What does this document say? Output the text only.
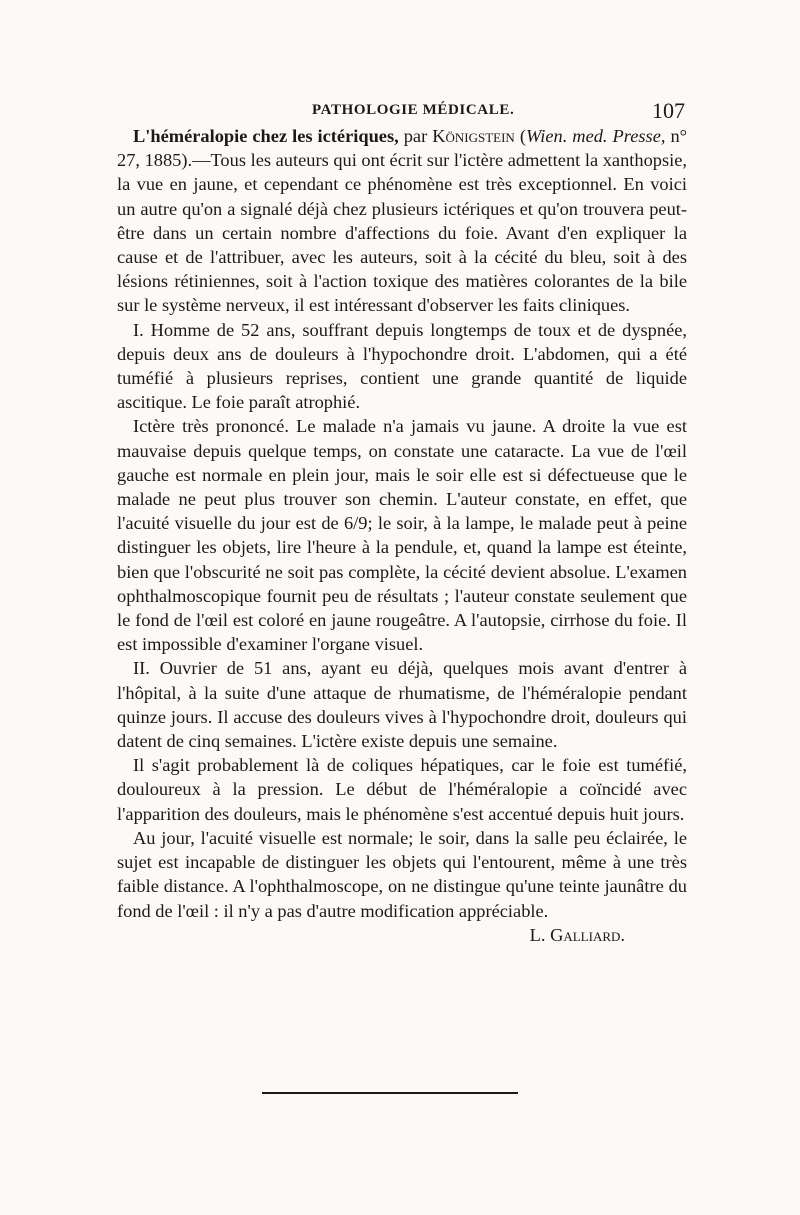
PATHOLOGIE MÉDICALE.	107

L'héméralopie chez les ictériques, par Königstein (Wien. med. Presse, n° 27, 1885).—Tous les auteurs qui ont écrit sur l'ictère admettent la xanthopsie, la vue en jaune, et cependant ce phénomène est très exceptionnel. En voici un autre qu'on a signalé déjà chez plusieurs ictériques et qu'on trouvera peut-être dans un certain nombre d'affections du foie. Avant d'en expliquer la cause et de l'attribuer, avec les auteurs, soit à la cécité du bleu, soit à des lésions rétiniennes, soit à l'action toxique des matières colorantes de la bile sur le système nerveux, il est intéressant d'observer les faits cliniques.

I. Homme de 52 ans, souffrant depuis longtemps de toux et de dyspnée, depuis deux ans de douleurs à l'hypochondre droit. L'abdomen, qui a été tuméfié à plusieurs reprises, contient une grande quantité de liquide ascitique. Le foie paraît atrophié.

Ictère très prononcé. Le malade n'a jamais vu jaune. A droite la vue est mauvaise depuis quelque temps, on constate une cataracte. La vue de l'œil gauche est normale en plein jour, mais le soir elle est si défectueuse que le malade ne peut plus trouver son chemin. L'auteur constate, en effet, que l'acuité visuelle du jour est de 6/9; le soir, à la lampe, le malade peut à peine distinguer les objets, lire l'heure à la pendule, et, quand la lampe est éteinte, bien que l'obscurité ne soit pas complète, la cécité devient absolue. L'examen ophthalmoscopique fournit peu de résultats ; l'auteur constate seulement que le fond de l'œil est coloré en jaune rougeâtre. A l'autopsie, cirrhose du foie. Il est impossible d'examiner l'organe visuel.

II. Ouvrier de 51 ans, ayant eu déjà, quelques mois avant d'entrer à l'hôpital, à la suite d'une attaque de rhumatisme, de l'héméralopie pendant quinze jours. Il accuse des douleurs vives à l'hypochondre droit, douleurs qui datent de cinq semaines. L'ictère existe depuis une semaine.

Il s'agit probablement là de coliques hépatiques, car le foie est tuméfié, douloureux à la pression. Le début de l'héméralopie a coïncidé avec l'apparition des douleurs, mais le phénomène s'est accentué depuis huit jours.

Au jour, l'acuité visuelle est normale; le soir, dans la salle peu éclairée, le sujet est incapable de distinguer les objets qui l'entourent, même à une très faible distance. A l'ophthalmoscope, on ne distingue qu'une teinte jaunâtre du fond de l'œil : il n'y a pas d'autre modification appréciable.
L. Galliard.
